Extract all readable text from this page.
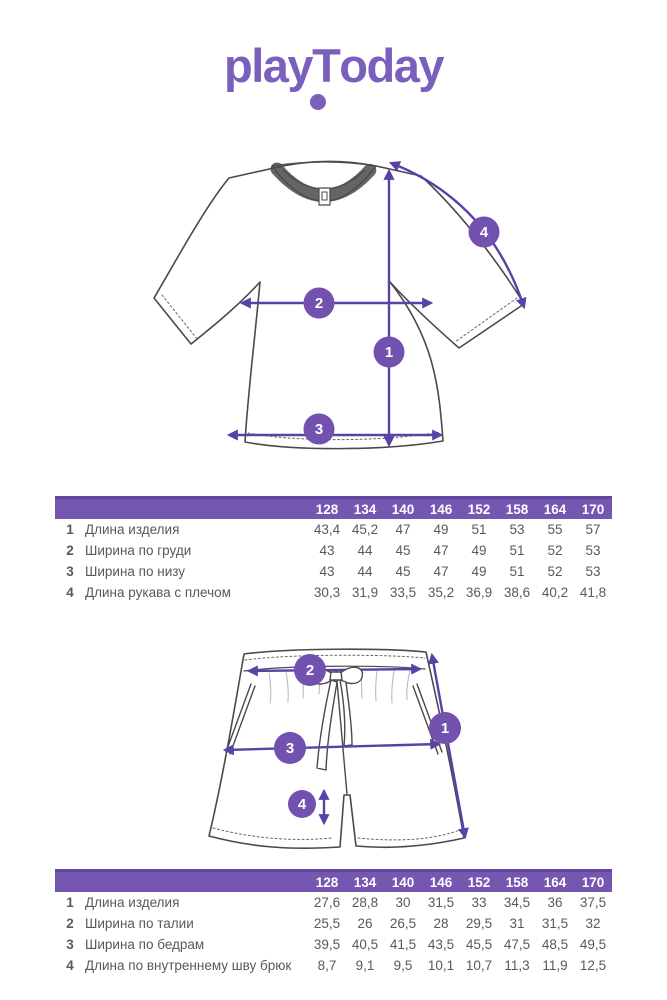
playT
oday
2
1
3
4
128	134	140	146	152	158	164	170
1 Длина изделия	43,4 45,2	47	49	51	53	55	57
2 Ширина по груди	43	44	45	47	49	51	52	53
3 Ширина по низу	43	44	45	47	49	51	52	53
4 Длина рукава с плечом	30,3 31,9 33,5 35,2 36,9 38,6 40,2 41,8
2
1
3
4
128	134	140	146	152	158	164	170
1 Длина изделия	27,6 28,8	30	31,5	33	34,5	36	37,5
2 Ширина по талии	25,5	26	26,5	28	29,5	31	31,5	32
3 Ширина по бедрам	39,5 40,5 41,5 43,5 45,5 47,5 48,5 49,5
4 Длина по внутреннему шву брюк	8,7	9,1	9,5	10,1 10,7 11,3 11,9 12,5
